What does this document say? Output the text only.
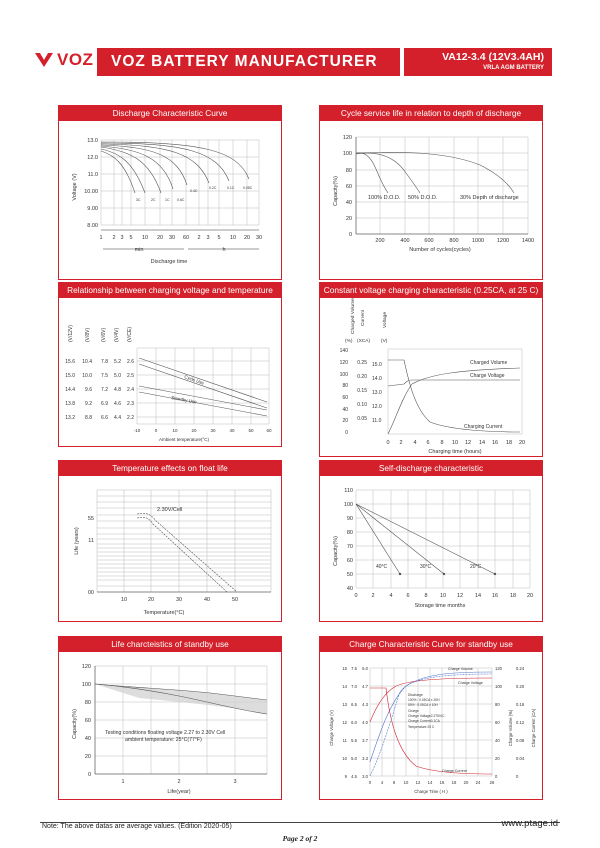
VOZ	VOZ BATTERY MANUFACTURER	VA12-3.4 (12V3.4AH)
VRLA AGM BATTERY
Discharge Characteristic Curve
Voltage (V)
13.0
12.0
11.0
10.00
9.00
8.00
3C	2C	1C 0.6C
0.4C
0.2C	0.1C 0.05C
1 2 3 5 10 20 30 60 2 3 5 10 20 30
min	h
Discharge time
Cycle service life in relation to depth of discharge
Capacity(%)
120
100
80
60
40
20
0
100% D.O.D. 50% D.O.D.	30% Depth of discharge
200	400	600	800 1000 1200 1400
Number of cycles(cycles)
Relationship between charging voltage and temperature
(V/12V) (V/8V) (V/6V) (V/4V) (V/CE)
15.6 10.4 7.8 5.2 2.6
15.0 10.0 7.5 5.0 2.5
14.4 9.6 7.2 4.8 2.4
13.8 9.2 6.9 4.6 2.3
13.2 8.8 6.6 4.4 2.2
Cycle Use
Standby Use
-10	0	10	20	30	40	50	60
Ambient temperature(°C)
Constant voltage charging characteristic (0.25CA, at 25 C)
Charged Volume Current	Voltage
(%) (XCA) (V)
140
120
100
80
60
40
20
0
0.25
0.20
0.15
0.10
0.05
15.0
14.0
13.0
12.0
11.0
Charged Volume
Charge Voltage
Charging Current
0 2 4 6 8 10 12 14 16 18 20
Charging time (hours)
Temperature effects on float life
Life (years)
55
11
00
2.30V/Cell
10	20	30	40	50
Temperature(°C)
Self-discharge characteristic
Capacity(%)
110
100
90
80
70
60
50
40
40°C	30°C	20°C
0	2	4	6	8 10 12 14 16 18 20
Storage time months
Life charcteistics of standby use
Capacity(%)
120
100
80
60
40
20
0
Testing conditions floating voltage 2.27 to 2.30V Cell
ambient temperature: 25°C(77°F)
1	2	3
Life(year)
Charge Characteristic Curve for standby use
Charge Voltage (V)
15
14
13
12
11
10
9
7.5
7.0
6.5
6.0
5.5
5.0
4.5
5.0
4.7
4.3
4.0
3.7
3.3
3.0
Charge Volume
Charge Voltage
Charge Current
Discharge
100% : 0.05CA x 20H
50% : 0.05CA x 10H
Charge
Charge Voltage2.275V/C
Charge Current0.1CA
Temperature 25 C
120
100
80
60
40
20
0
Charge Volume (%)
0.24
0.20
0.16
0.12
0.08
0.04
0
Charge Current (CA)
0 4 8 10 12 14 16 18 20 24 26
Charge Time ( H )
Note: The above datas are average values. (Edition 2020-05)	www.ptage.id
Page 2 of 2
